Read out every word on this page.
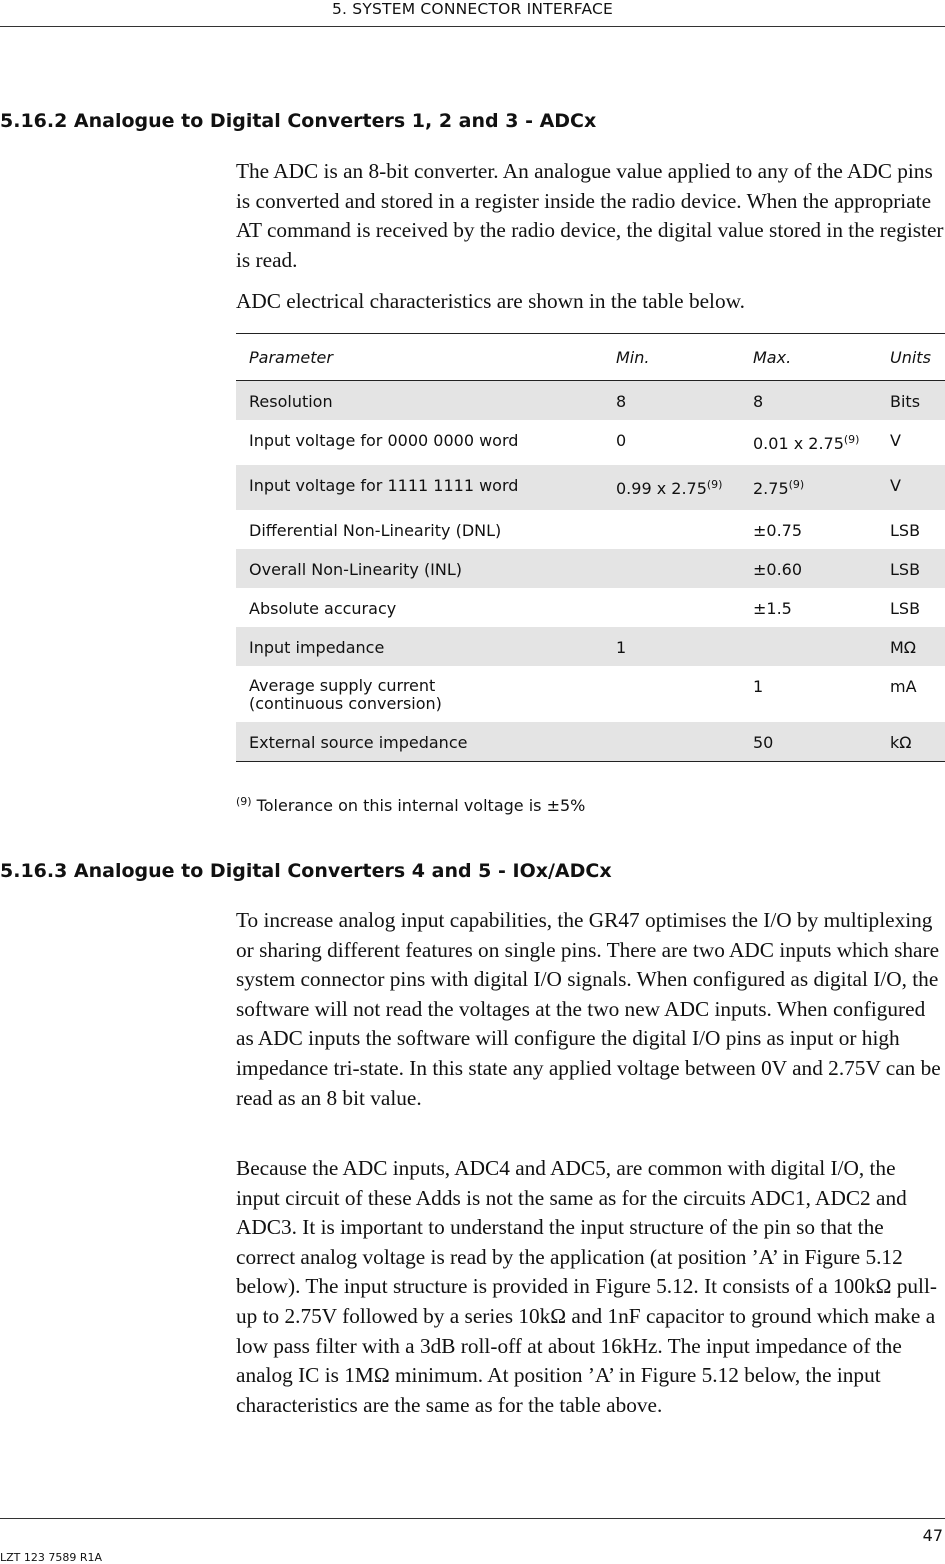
5. SYSTEM CONNECTOR INTERFACE
5.16.2 Analogue to Digital Converters 1, 2 and 3 - ADCx

The ADC is an 8-bit converter. An analogue value applied to any of the ADC pins is converted and stored in a register inside the radio device. When the appropriate AT command is received by the radio device, the digital value stored in the register is read.

ADC electrical characteristics are shown in the table below.

Parameter	Min.	Max.	Units
Resolution	8	8	Bits
Input voltage for 0000 0000 word	0	0.01 x 2.75$^{(9)}$	V
Input voltage for 1111 1111 word	0.99 x 2.75$^{(9)}$	2.75$^{(9)}$	V
Differential Non-Linearity (DNL)		±0.75	LSB
Overall Non-Linearity (INL)		±0.60	LSB
Absolute accuracy		±1.5	LSB
Input impedance	1		MΩ
Average supply current
(continuous conversion)		1	mA
External source impedance		50	kΩ

$^{(9)}$ Tolerance on this internal voltage is ±5%

5.16.3 Analogue to Digital Converters 4 and 5 - IOx/ADCx

To increase analog input capabilities, the GR47 optimises the I/O by multiplexing or sharing different features on single pins. There are two ADC inputs which share system connector pins with digital I/O signals. When configured as digital I/O, the software will not read the voltages at the two new ADC inputs. When configured as ADC inputs the software will configure the digital I/O pins as input or high impedance tri-state. In this state any applied voltage between 0V and 2.75V can be read as an 8 bit value.

Because the ADC inputs, ADC4 and ADC5, are common with digital I/O, the input circuit of these Adds is not the same as for the circuits ADC1, ADC2 and ADC3. It is important to understand the input structure of the pin so that the correct analog voltage is read by the application (at position ’A’ in Figure 5.12 below). The input structure is provided in Figure 5.12. It consists of a 100kΩ pull-up to 2.75V followed by a series 10kΩ and 1nF capacitor to ground which make a low pass filter with a 3dB roll-off at about 16kHz. The input impedance of the analog IC is 1MΩ minimum. At position ’A’ in Figure 5.12 below, the input characteristics are the same as for the table above.

47
LZT 123 7589 R1A
